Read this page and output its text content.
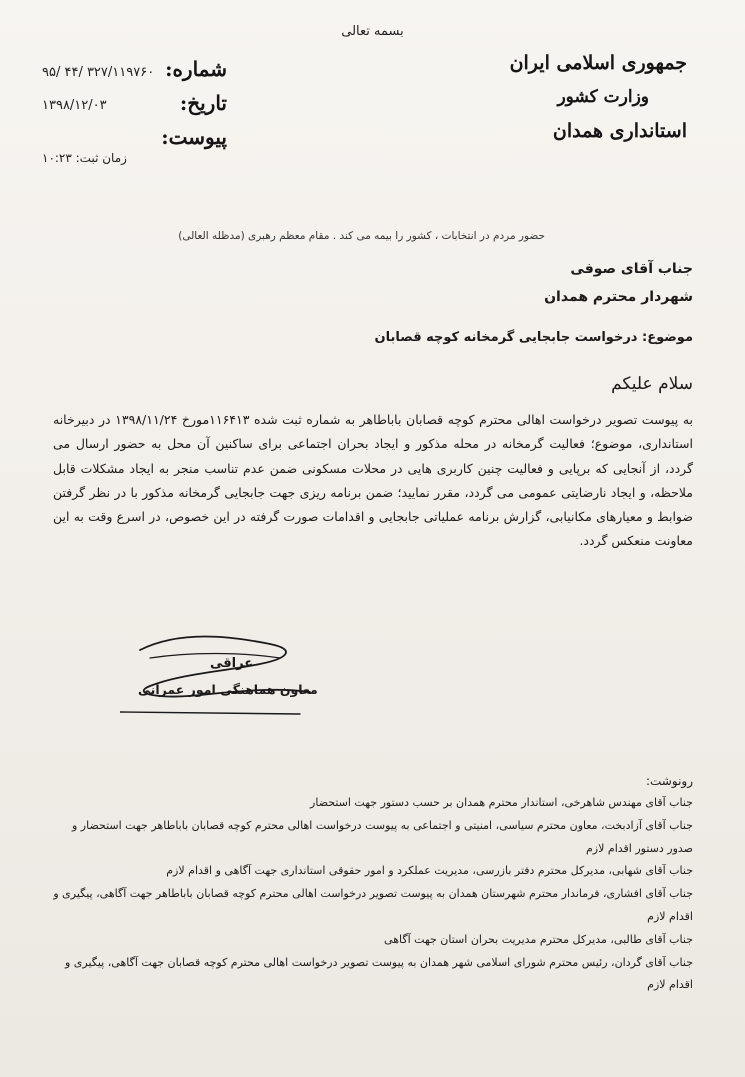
بسمه تعالی
جمهوری اسلامی ایران
وزارت کشور
استانداری همدان
شماره:
تاریخ:
پیوست:
۹۵/ ۴۴/ ۳۲۷/۱۱۹۷۶۰
۱۳۹۸/۱۲/۰۳
زمان ثبت: ۱۰:۲۳
حضور مردم در انتخابات ، کشور را بیمه می کند . مقام معظم رهبری (مدظله العالی)
جناب آقای صوفی
شهردار محترم همدان
موضوع: درخواست جابجایی گرمخانه کوچه قصابان
سلام علیکم
به پیوست تصویر درخواست اهالی محترم کوچه قصابان باباطاهر به شماره ثبت شده ۱۱۶۴۱۳مورخ ۱۳۹۸/۱۱/۲۴ در دبیرخانه استانداری، موضوع؛ فعالیت گرمخانه در محله مذکور و ایجاد بحران اجتماعی برای ساکنین آن محل به حضور ارسال می گردد، از آنجایی که برپایی و فعالیت چنین کاربری هایی در محلات مسکونی ضمن عدم تناسب منجر به ایجاد مشکلات قابل ملاحظه، و ایجاد نارضایتی عمومی می گردد، مقرر نمایید؛ ضمن برنامه ریزی جهت جابجایی گرمخانه مذکور با در نظر گرفتن ضوابط و معیارهای مکانیابی، گزارش برنامه عملیاتی جابجایی و اقدامات صورت گرفته در این خصوص، در اسرع وقت به این معاونت منعکس گردد.
عراقی
معاون هماهنگی امور عمرانی
رونوشت:
جناب آقای مهندس شاهرخی، استاندار محترم همدان بر حسب دستور جهت استحضار
جناب آقای آزادبخت، معاون محترم سیاسی، امنیتی و اجتماعی به پیوست درخواست اهالی محترم کوچه قصابان باباطاهر جهت استحضار و صدور دستور اقدام لازم
جناب آقای شهابی، مدیرکل محترم دفتر بازرسی، مدیریت عملکرد و امور حقوقی استانداری جهت آگاهی و اقدام لازم
جناب آقای افشاری، فرماندار محترم شهرستان همدان به پیوست تصویر درخواست اهالی محترم کوچه قصابان باباطاهر جهت آگاهی، پیگیری و اقدام لازم
جناب آقای طالبی، مدیرکل محترم مدیریت بحران استان جهت آگاهی
جناب آقای گردان، رئیس محترم شورای اسلامی شهر همدان به پیوست تصویر درخواست اهالی محترم کوچه قصابان جهت آگاهی، پیگیری و اقدام لازم
